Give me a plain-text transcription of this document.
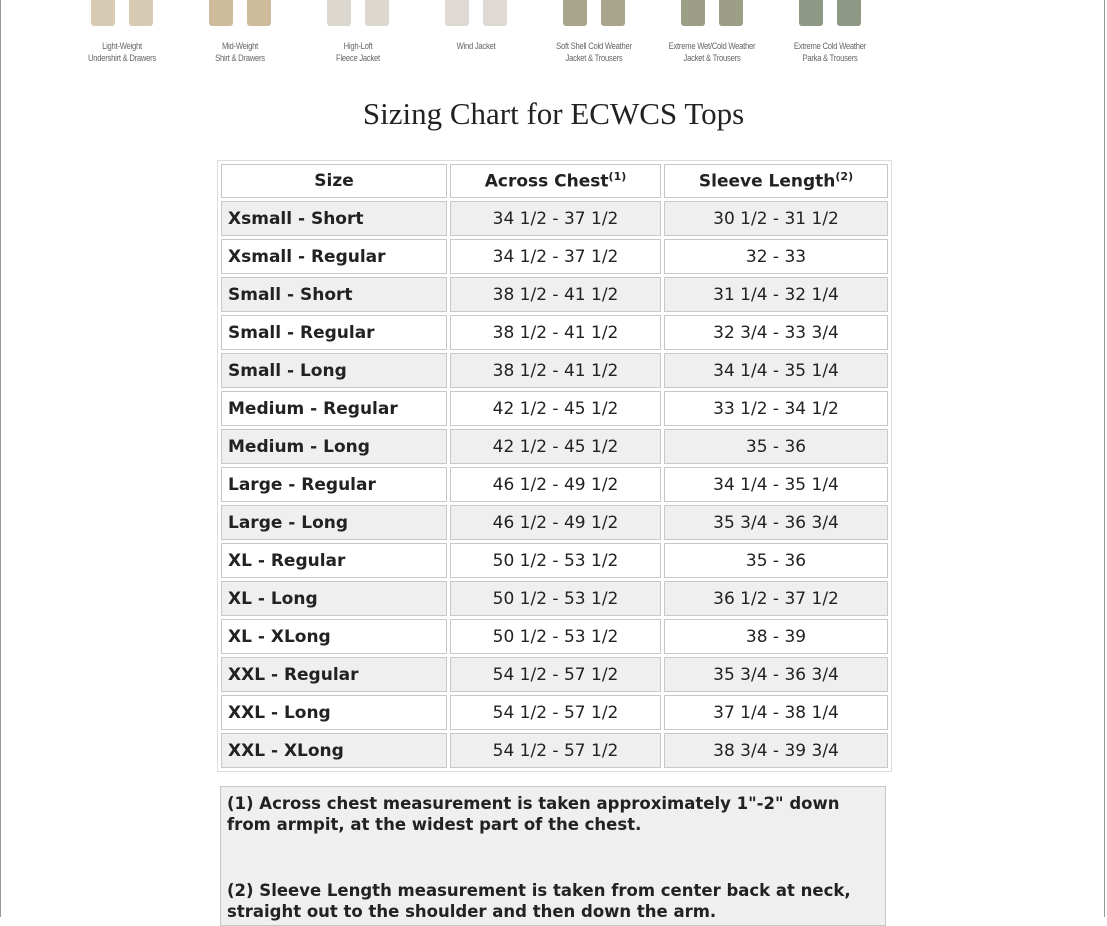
Light-Weight
Undershirt & Drawers
Mid-Weight
Shirt & Drawers
High-Loft
Fleece Jacket
Wind Jacket	Soft Shell Cold Weather
Jacket & Trousers
Extreme Wet/Cold Weather
Jacket & Trousers
Extreme Cold Weather
Parka & Trousers
Sizing Chart for ECWCS Tops
Size	Across Chest$^{(1)}$	Sleeve Length$^{(2)}$
Xsmall - Short	34 1/2 - 37 1/2	30 1/2 - 31 1/2
Xsmall - Regular	34 1/2 - 37 1/2	32 - 33
Small - Short	38 1/2 - 41 1/2	31 1/4 - 32 1/4
Small - Regular	38 1/2 - 41 1/2	32 3/4 - 33 3/4
Small - Long	38 1/2 - 41 1/2	34 1/4 - 35 1/4
Medium - Regular	42 1/2 - 45 1/2	33 1/2 - 34 1/2
Medium - Long	42 1/2 - 45 1/2	35 - 36
Large - Regular	46 1/2 - 49 1/2	34 1/4 - 35 1/4
Large - Long	46 1/2 - 49 1/2	35 3/4 - 36 3/4
XL - Regular	50 1/2 - 53 1/2	35 - 36
XL - Long	50 1/2 - 53 1/2	36 1/2 - 37 1/2
XL - XLong	50 1/2 - 53 1/2	38 - 39
XXL - Regular	54 1/2 - 57 1/2	35 3/4 - 36 3/4
XXL - Long	54 1/2 - 57 1/2	37 1/4 - 38 1/4
XXL - XLong	54 1/2 - 57 1/2	38 3/4 - 39 3/4

(1) Across chest measurement is taken approximately 1"-2" down from armpit, at the widest part of the chest.

(2) Sleeve Length measurement is taken from center back at neck, straight out to the shoulder and then down the arm.
